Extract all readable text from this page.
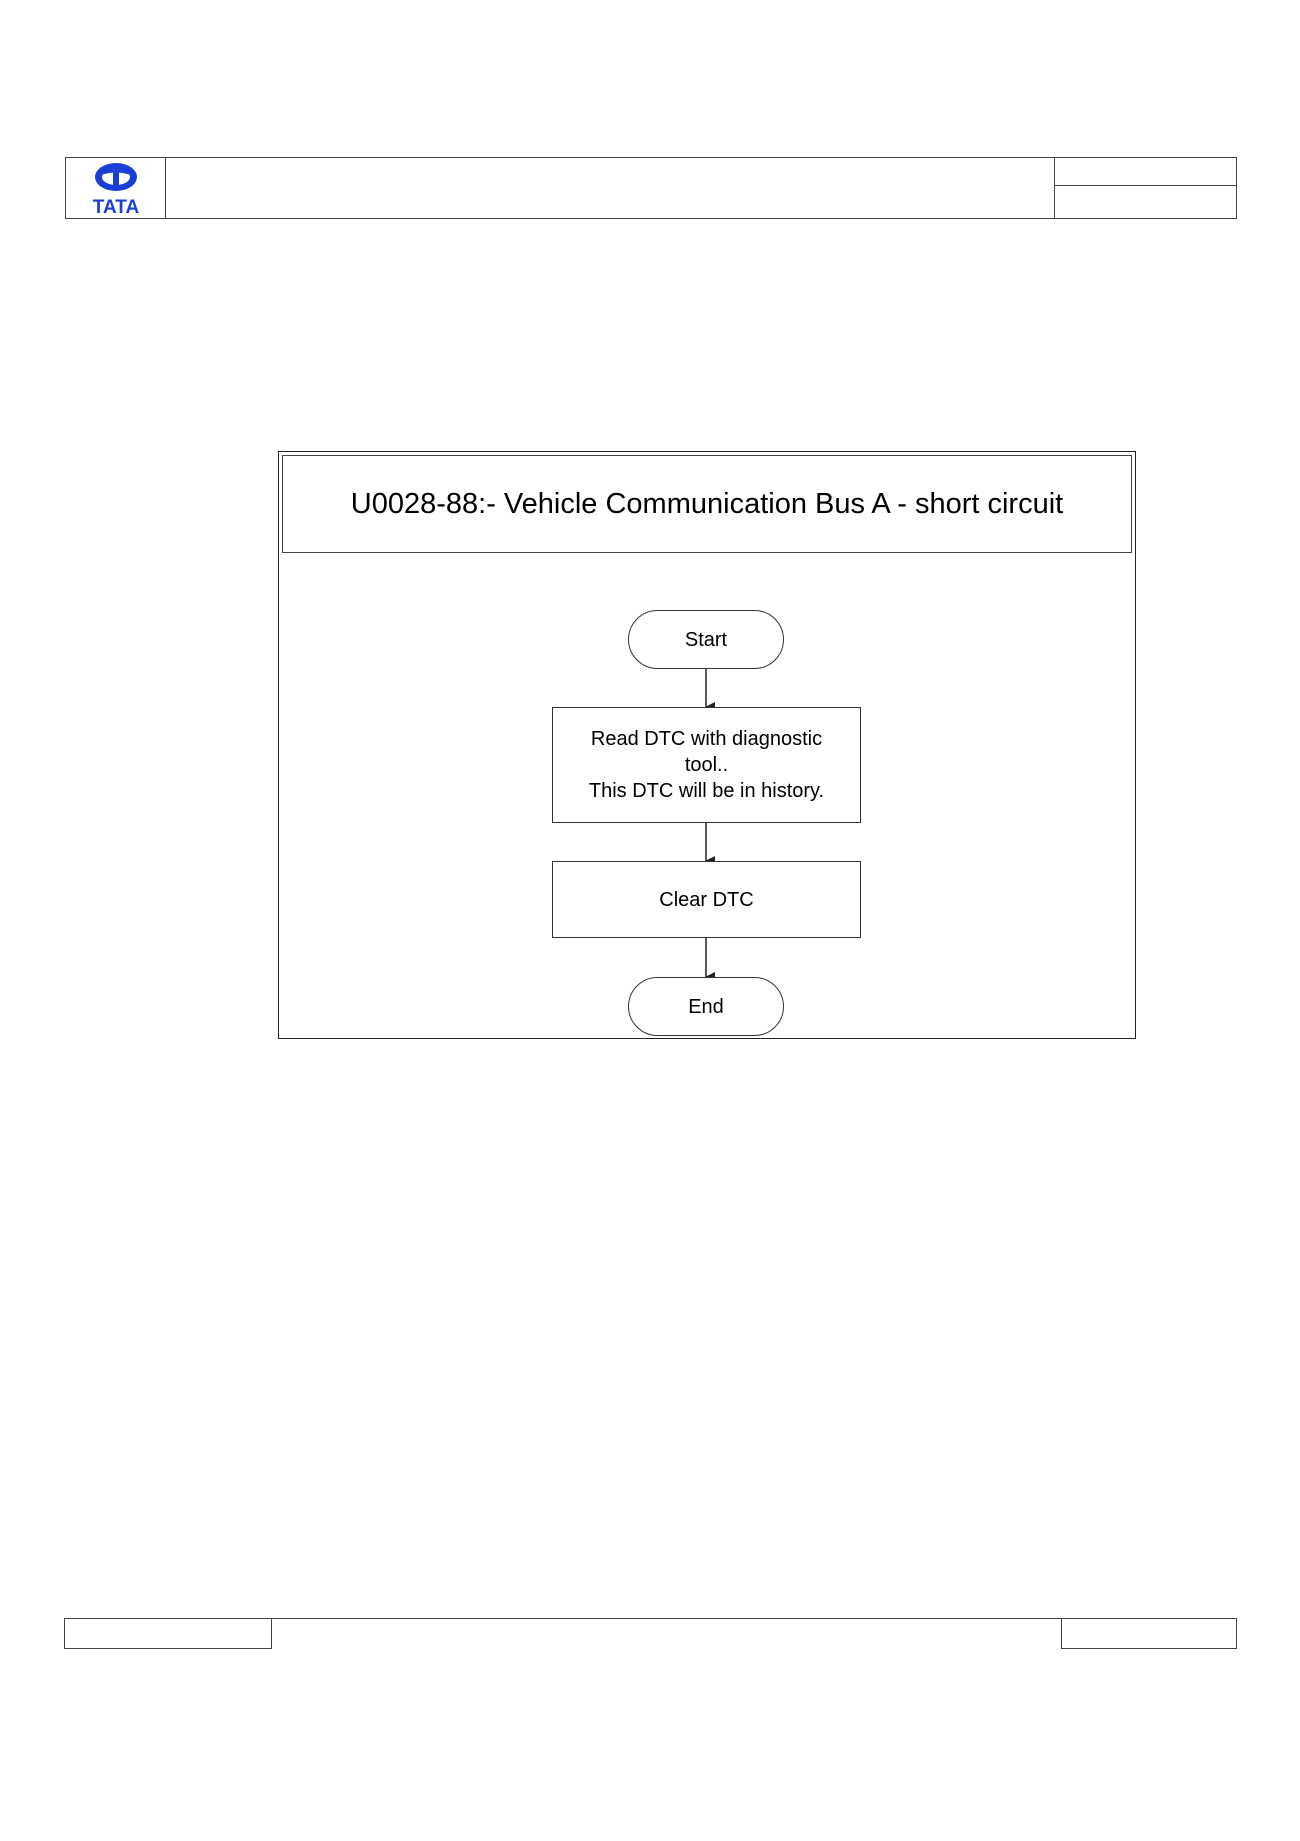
TATA
U0028-88:- Vehicle Communication Bus A - short circuit
Start
Read DTC with diagnostic
tool..
This DTC will be in history.
Clear DTC
End
